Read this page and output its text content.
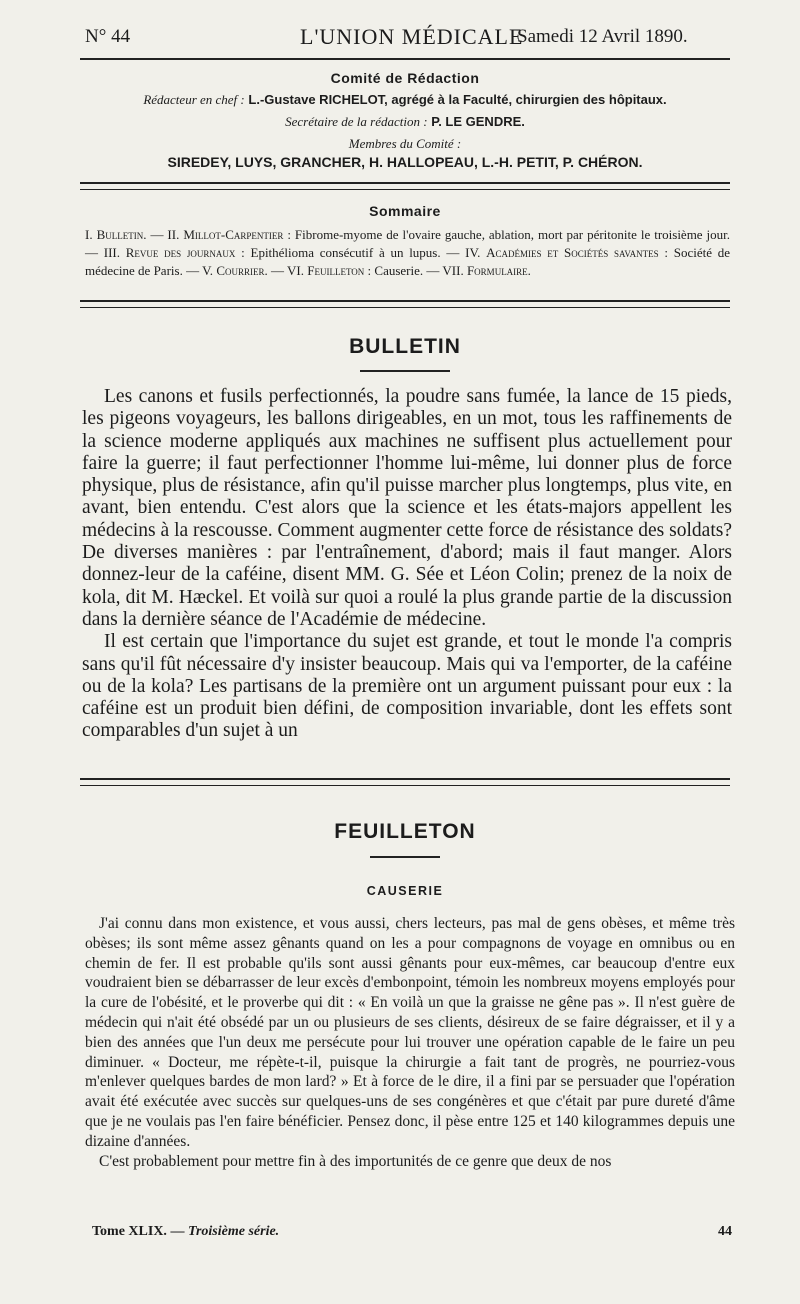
N° 44	L'UNION MÉDICALE
Samedi 12 Avril 1890.
Comité de Rédaction
Rédacteur en chef : L.-Gustave RICHELOT, agrégé à la Faculté, chirurgien des hôpitaux.
Secrétaire de la rédaction : P. LE GENDRE.
Membres du Comité :
SIREDEY, LUYS, GRANCHER, H. HALLOPEAU, L.-H. PETIT, P. CHÉRON.
Sommaire
I. Bulletin. — II. Millot-Carpentier : Fibrome-myome de l'ovaire gauche, ablation, mort par péritonite le troisième jour. — III. Revue des journaux : Epithélioma consécutif à un lupus. — IV. Académies et Sociétés savantes : Société de médecine de Paris. — V. Courrier. — VI. Feuilleton : Causerie. — VII. Formulaire.
BULLETIN

Les canons et fusils perfectionnés, la poudre sans fumée, la lance de 15 pieds, les pigeons voyageurs, les ballons dirigeables, en un mot, tous les raffinements de la science moderne appliqués aux machines ne suffisent plus actuellement pour faire la guerre; il faut perfectionner l'homme lui-même, lui donner plus de force physique, plus de résistance, afin qu'il puisse marcher plus longtemps, plus vite, en avant, bien entendu. C'est alors que la science et les états-majors appellent les médecins à la rescousse. Comment augmenter cette force de résistance des soldats? De diverses manières : par l'entraînement, d'abord; mais il faut manger. Alors donnez-leur de la caféine, disent MM. G. Sée et Léon Colin; prenez de la noix de kola, dit M. Hæckel. Et voilà sur quoi a roulé la plus grande partie de la discussion dans la dernière séance de l'Académie de médecine.

Il est certain que l'importance du sujet est grande, et tout le monde l'a compris sans qu'il fût nécessaire d'y insister beaucoup. Mais qui va l'emporter, de la caféine ou de la kola? Les partisans de la première ont un argument puissant pour eux : la caféine est un produit bien défini, de composition invariable, dont les effets sont comparables d'un sujet à un

FEUILLETON
CAUSERIE

J'ai connu dans mon existence, et vous aussi, chers lecteurs, pas mal de gens obèses, et même très obèses; ils sont même assez gênants quand on les a pour compagnons de voyage en omnibus ou en chemin de fer. Il est probable qu'ils sont aussi gênants pour eux-mêmes, car beaucoup d'entre eux voudraient bien se débarrasser de leur excès d'embonpoint, témoin les nombreux moyens employés pour la cure de l'obésité, et le proverbe qui dit : « En voilà un que la graisse ne gêne pas ». Il n'est guère de médecin qui n'ait été obsédé par un ou plusieurs de ses clients, désireux de se faire dégraisser, et il y a bien des années que l'un deux me persécute pour lui trouver une opération capable de le faire un peu diminuer. « Docteur, me répète-t-il, puisque la chirurgie a fait tant de progrès, ne pourriez-vous m'enlever quelques bardes de mon lard? » Et à force de le dire, il a fini par se persuader que l'opération avait été exécutée avec succès sur quelques-uns de ses congénères et que c'était par pure dureté d'âme que je ne voulais pas l'en faire bénéficier. Pensez donc, il pèse entre 125 et 140 kilogrammes depuis une dizaine d'années.

C'est probablement pour mettre fin à des importunités de ce genre que deux de nos

Tome XLIX. — Troisième série.	44
